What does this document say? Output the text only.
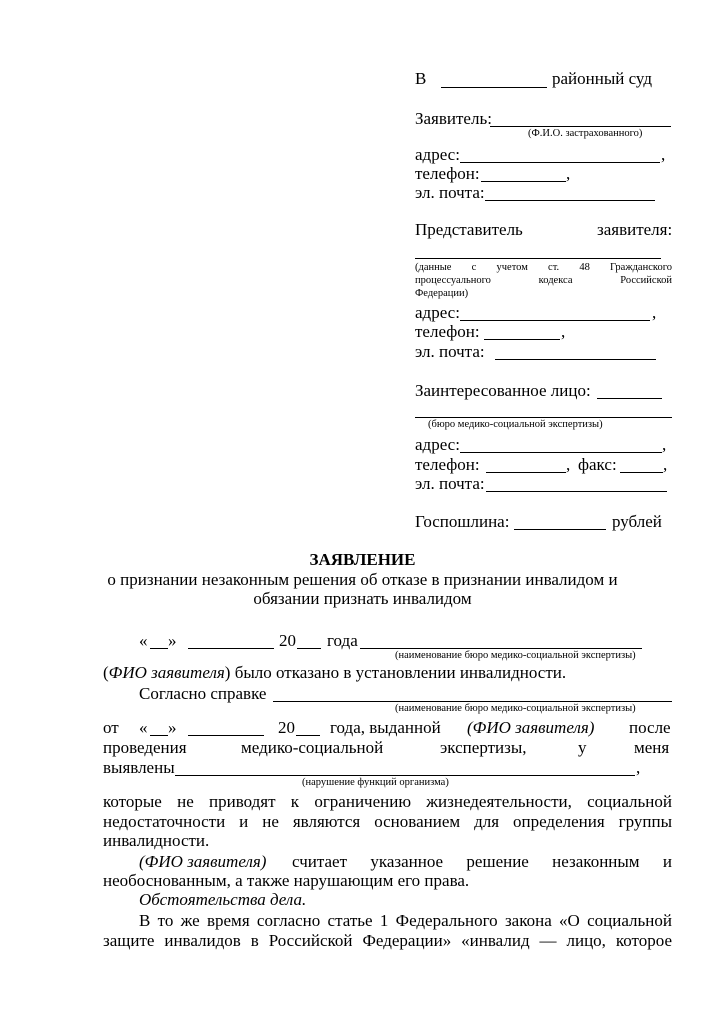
В	районный суд
Заявитель:
(Ф.И.О. застрахованного)
адрес:	,
телефон:	,
эл. почта:
Представитель	заявителя:
(данные с учетом ст. 48 Гражданского
процессуального кодекса Российской
Федерации)
адрес:	,
телефон:	,
эл. почта:
Заинтересованное лицо:
(бюро медико-социальной экспертизы)
адрес:	,
телефон:	, факс:	,
эл. почта:
Госпошлина:	рублей
ЗАЯВЛЕНИЕ
о признании незаконным решения об отказе в признании инвалидом и
обязании признать инвалидом
« »	20 года
(наименование бюро медико-социальной экспертизы)
(ФИО заявителя) было отказано в установлении инвалидности.
Согласно справке
(наименование бюро медико-социальной экспертизы)
от « »	20 года, выданной (ФИО заявителя) после
проведения	медико-социальной	экспертизы,	у	меня
выявлены	,
(нарушение функций организма)
которые не приводят к ограничению жизнедеятельности, социальной
недостаточности и не являются основанием для определения группы
инвалидности.
(ФИО заявителя) считает указанное решение незаконным и
необоснованным, а также нарушающим его права.
Обстоятельства дела.
В то же время согласно статье 1 Федерального закона «О социальной
защите инвалидов в Российской Федерации» «инвалид — лицо, которое
